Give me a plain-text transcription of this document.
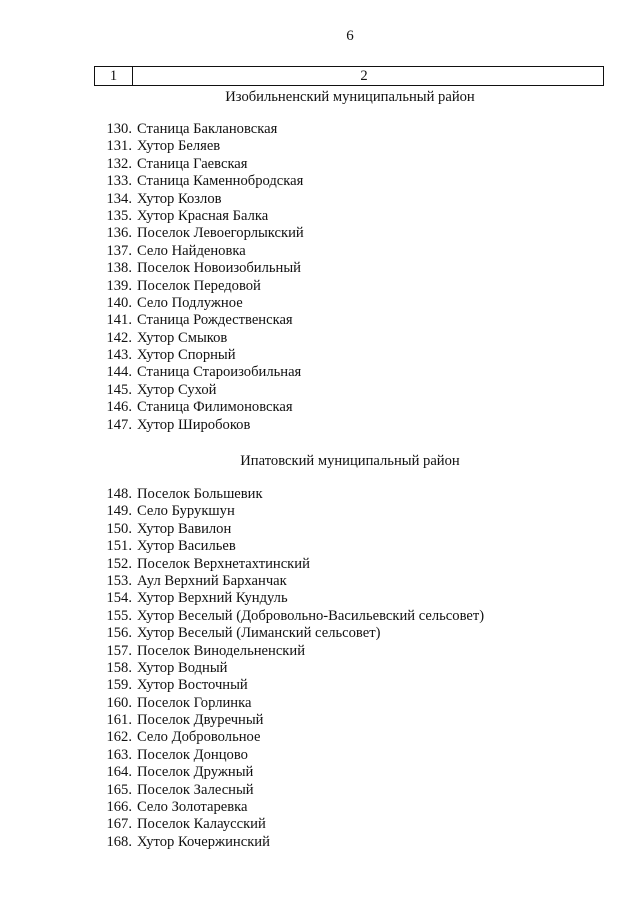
6
1	2
Изобильненский муниципальный район
130. Станица Баклановская
131. Хутор Беляев
132. Станица Гаевская
133. Станица Каменнобродская
134. Хутор Козлов
135. Хутор Красная Балка
136. Поселок Левоегорлыкский
137. Село Найденовка
138. Поселок Новоизобильный
139. Поселок Передовой
140. Село Подлужное
141. Станица Рождественская
142. Хутор Смыков
143. Хутор Спорный
144. Станица Староизобильная
145. Хутор Сухой
146. Станица Филимоновская
147. Хутор Широбоков
Ипатовский муниципальный район
148. Поселок Большевик
149. Село Бурукшун
150. Хутор Вавилон
151. Хутор Васильев
152. Поселок Верхнетахтинский
153. Аул Верхний Барханчак
154. Хутор Верхний Кундуль
155. Хутор Веселый (Добровольно-Васильевский сельсовет)
156. Хутор Веселый (Лиманский сельсовет)
157. Поселок Винодельненский
158. Хутор Водный
159. Хутор Восточный
160. Поселок Горлинка
161. Поселок Двуречный
162. Село Добровольное
163. Поселок Донцово
164. Поселок Дружный
165. Поселок Залесный
166. Село Золотаревка
167. Поселок Калаусский
168. Хутор Кочержинский
